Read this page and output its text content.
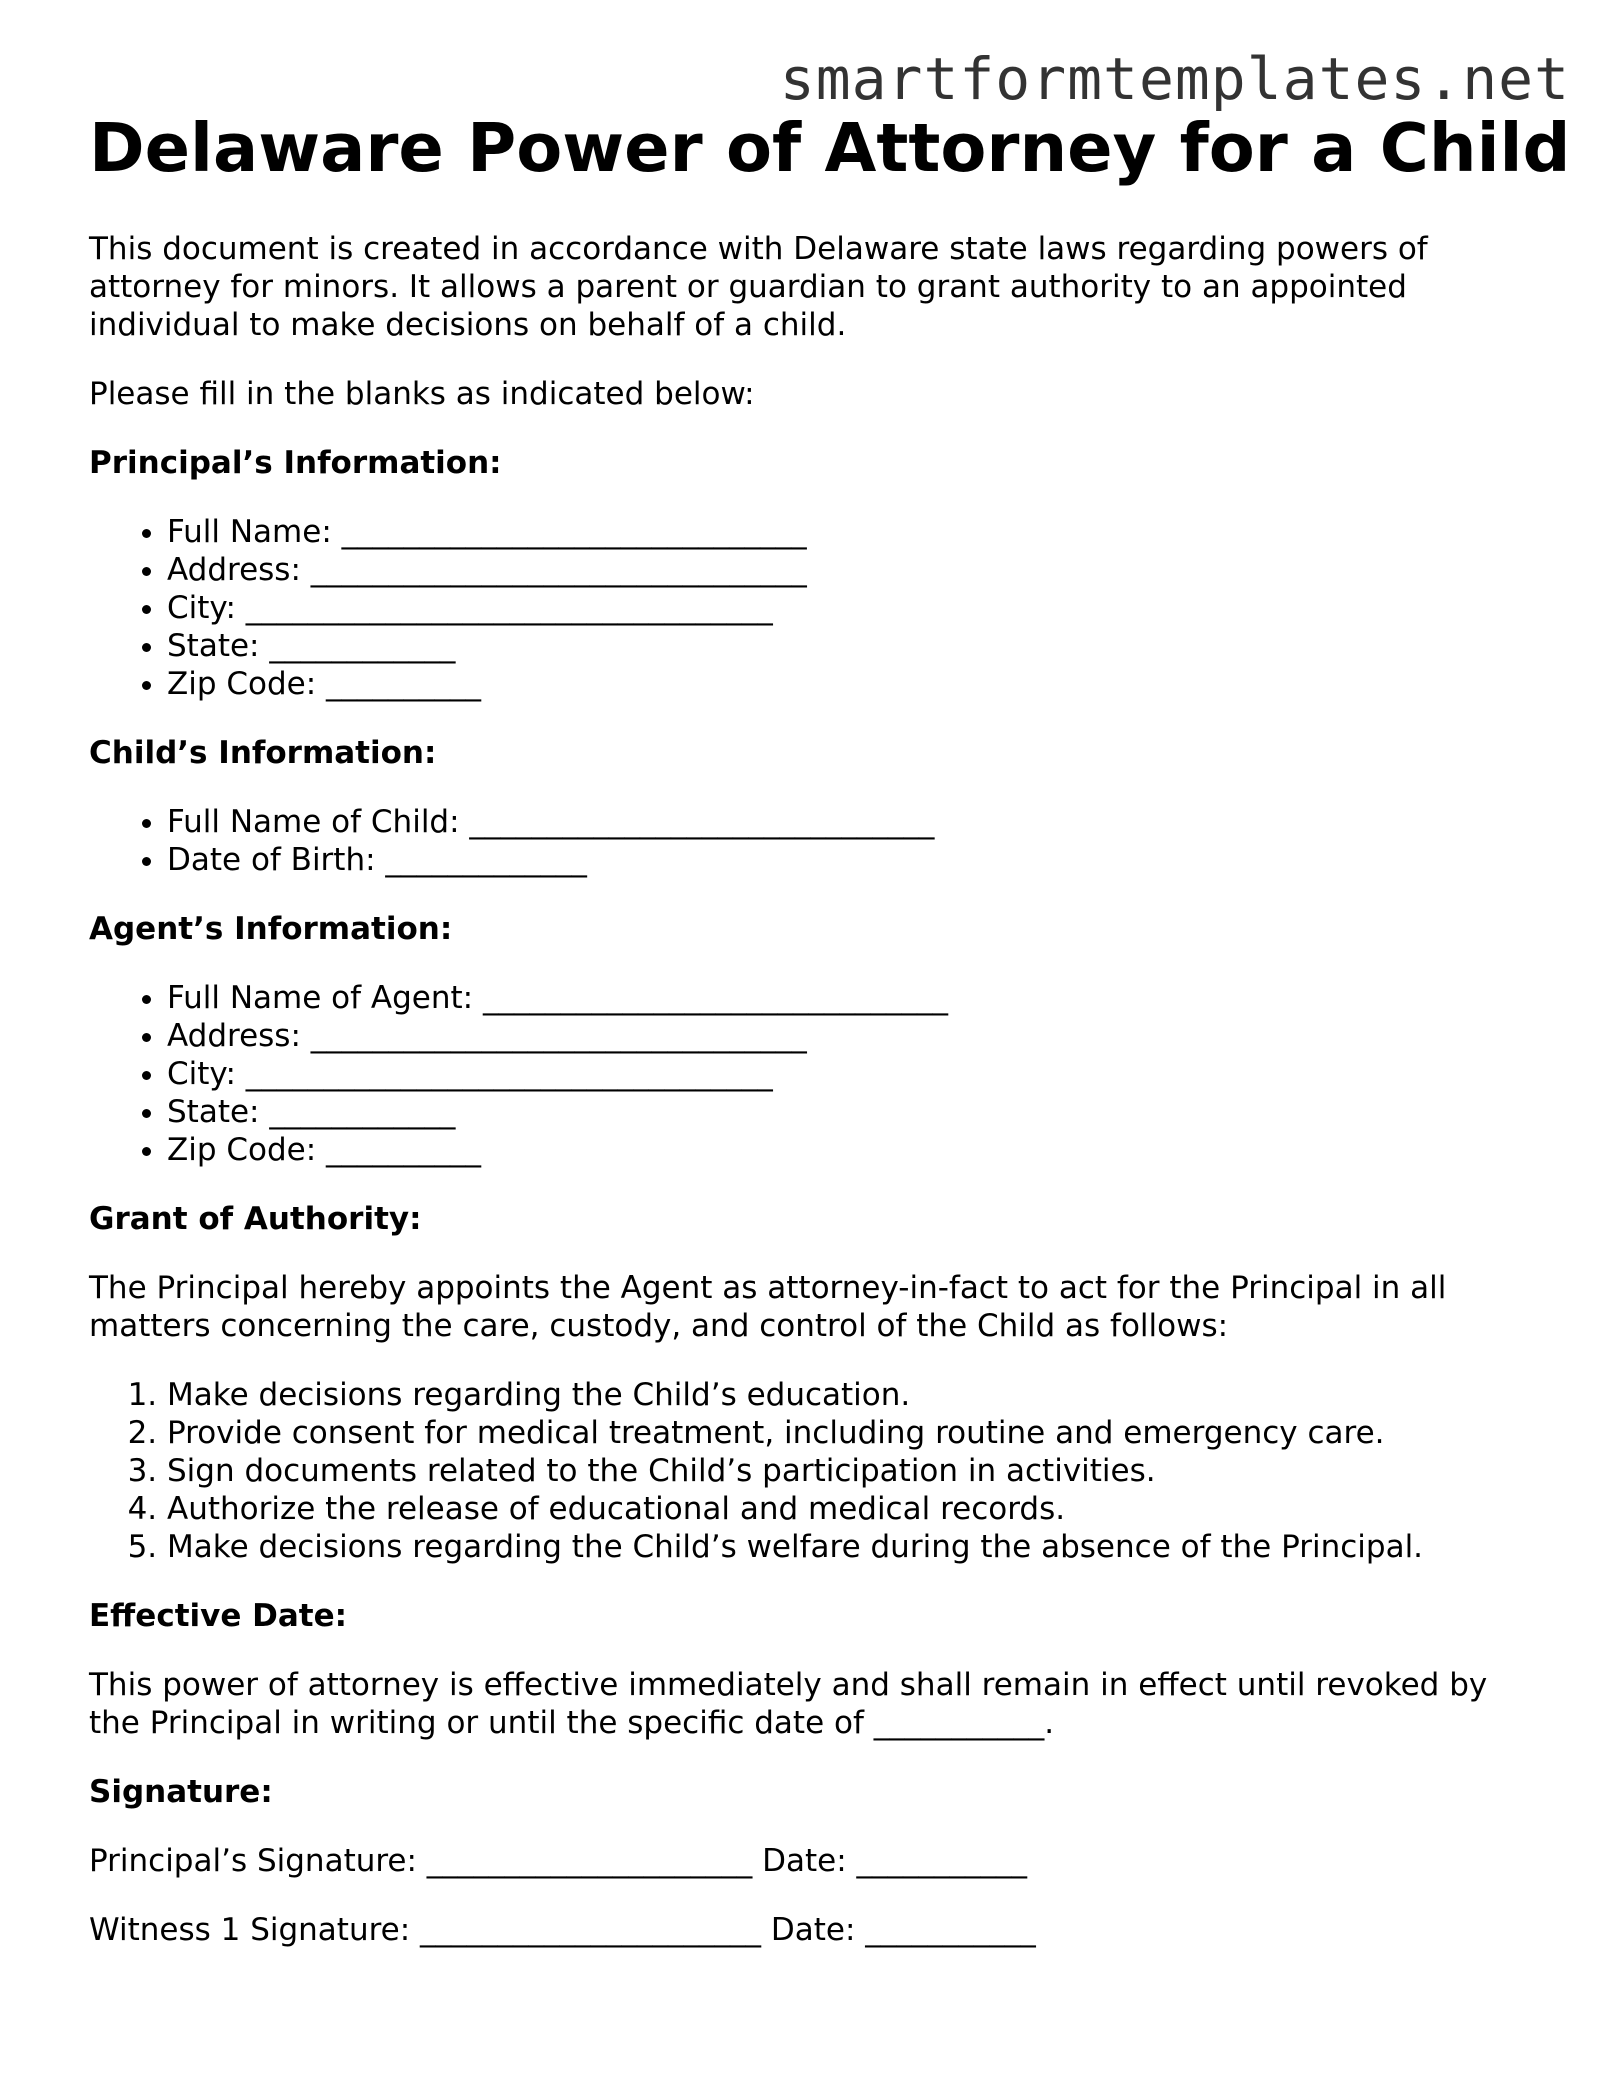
smartformtemplates.net
Delaware Power of Attorney for a Child

This document is created in accordance with Delaware state laws regarding powers of attorney for minors. It allows a parent or guardian to grant authority to an appointed individual to make decisions on behalf of a child.

Please fill in the blanks as indicated below:

Principal’s Information:
• Full Name: ______________________________
• Address: ________________________________
• City: __________________________________
• State: ____________
• Zip Code: __________
Child’s Information:
• Full Name of Child: ______________________________
• Date of Birth: _____________
Agent’s Information:
• Full Name of Agent: ______________________________
• Address: ________________________________
• City: __________________________________
• State: ____________
• Zip Code: __________
Grant of Authority:

The Principal hereby appoints the Agent as attorney-in-fact to act for the Principal in all matters concerning the care, custody, and control of the Child as follows:

1. Make decisions regarding the Child’s education.
2. Provide consent for medical treatment, including routine and emergency care.
3. Sign documents related to the Child’s participation in activities.
4. Authorize the release of educational and medical records.
5. Make decisions regarding the Child’s welfare during the absence of the Principal.
Effective Date:

This power of attorney is effective immediately and shall remain in effect until revoked by the Principal in writing or until the specific date of ___________.

Signature:

Principal’s Signature: _____________________ Date: ___________

Witness 1 Signature: ______________________ Date: ___________
